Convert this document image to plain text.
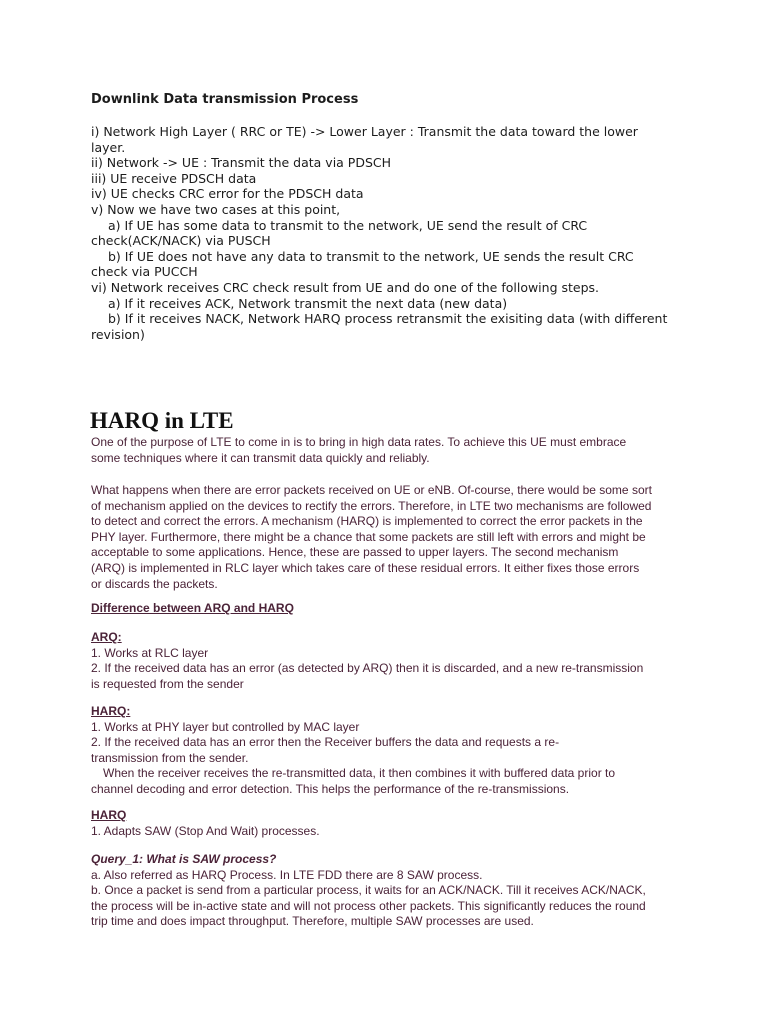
Downlink Data transmission Process
i) Network High Layer ( RRC or TE) -> Lower Layer : Transmit the data toward the lower
layer.
ii) Network -> UE : Transmit the data via PDSCH
iii) UE receive PDSCH data
iv) UE checks CRC error for the PDSCH data
v) Now we have two cases at this point,
a) If UE has some data to transmit to the network, UE send the result of CRC
check(ACK/NACK) via PUSCH
b) If UE does not have any data to transmit to the network, UE sends the result CRC
check via PUCCH
vi) Network receives CRC check result from UE and do one of the following steps.
a) If it receives ACK, Network transmit the next data (new data)
b) If it receives NACK, Network HARQ process retransmit the exisiting data (with different
revision)
HARQ in LTE
One of the purpose of LTE to come in is to bring in high data rates. To achieve this UE must embrace
some techniques where it can transmit data quickly and reliably.
What happens when there are error packets received on UE or eNB. Of-course, there would be some sort
of mechanism applied on the devices to rectify the errors. Therefore, in LTE two mechanisms are followed
to detect and correct the errors. A mechanism (HARQ) is implemented to correct the error packets in the
PHY layer. Furthermore, there might be a chance that some packets are still left with errors and might be
acceptable to some applications. Hence, these are passed to upper layers. The second mechanism
(ARQ) is implemented in RLC layer which takes care of these residual errors. It either fixes those errors
or discards the packets.
Difference between ARQ and HARQ
ARQ:
1. Works at RLC layer
2. If the received data has an error (as detected by ARQ) then it is discarded, and a new re-transmission
is requested from the sender
HARQ:
1. Works at PHY layer but controlled by MAC layer
2. If the received data has an error then the Receiver buffers the data and requests a re-
transmission from the sender.
When the receiver receives the re-transmitted data, it then combines it with buffered data prior to
channel decoding and error detection. This helps the performance of the re-transmissions.
HARQ
1. Adapts SAW (Stop And Wait) processes.
Query_1: What is SAW process?
a. Also referred as HARQ Process. In LTE FDD there are 8 SAW process.
b. Once a packet is send from a particular process, it waits for an ACK/NACK. Till it receives ACK/NACK,
the process will be in-active state and will not process other packets. This significantly reduces the round
trip time and does impact throughput. Therefore, multiple SAW processes are used.
